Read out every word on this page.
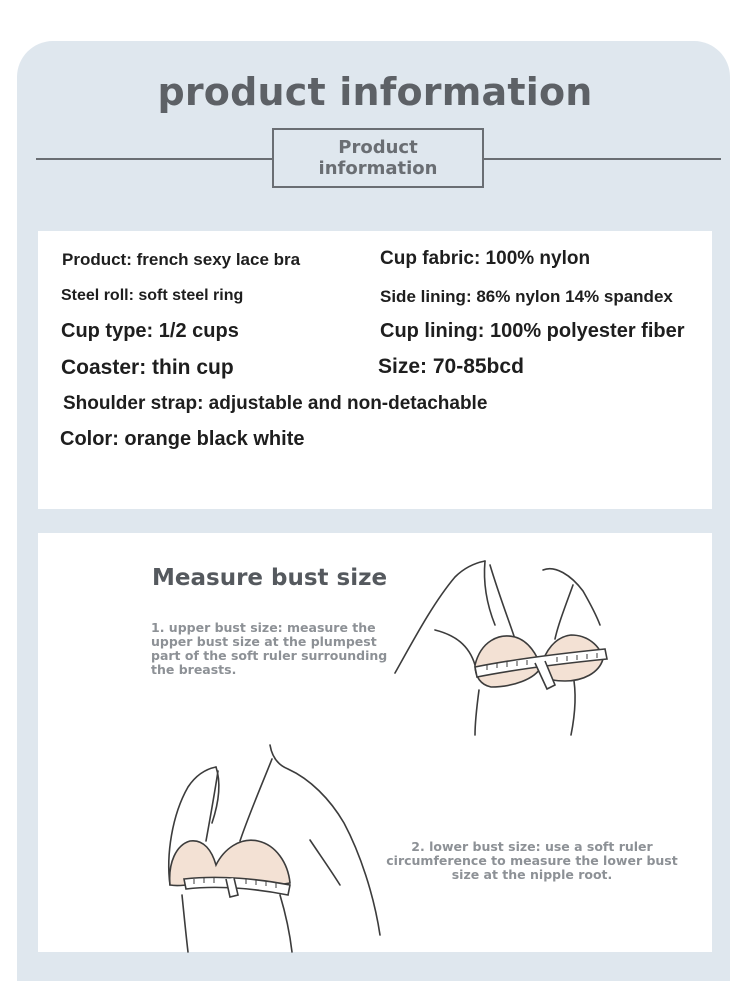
product information
Product
information

Product: french sexy lace bra

Steel roll: soft steel ring

Cup type: 1/2 cups

Coaster: thin cup

Shoulder strap: adjustable and non-detachable

Color: orange black white

Cup fabric: 100% nylon

Side lining: 86% nylon 14% spandex

Cup lining: 100% polyester fiber

Size: 70-85bcd

Measure bust size
1. upper bust size: measure the upper bust size at the plumpest part of the soft ruler surrounding the breasts.
2. lower bust size: use a soft ruler circumference to measure the lower bust size at the nipple root.
